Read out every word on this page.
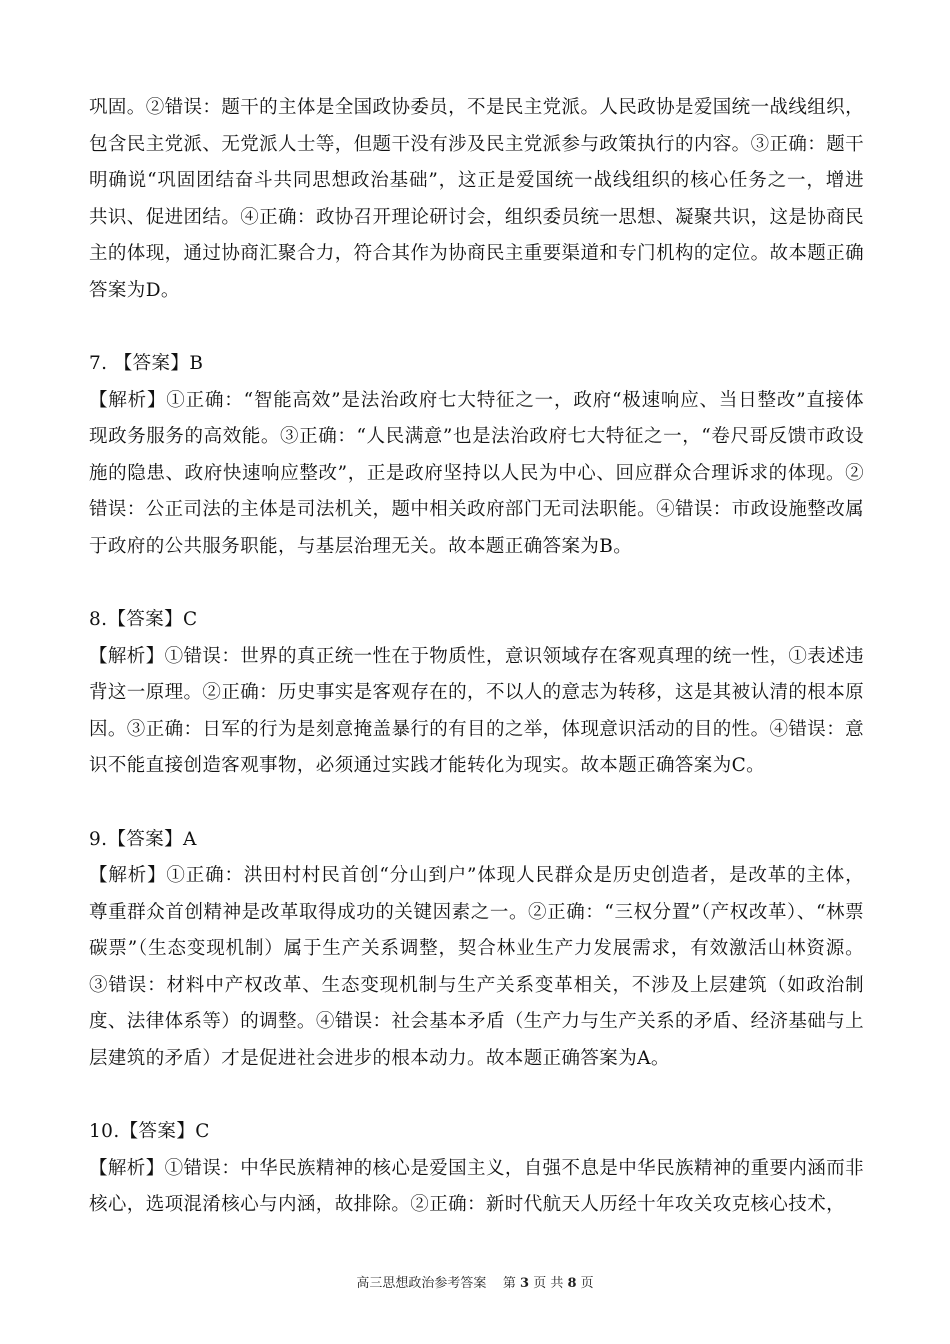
巩固。②错误：题干的主体是全国政协委员，不是民主党派。人民政协是爱国统一战线组织，包含民主党派、无党派人士等，但题干没有涉及民主党派参与政策执行的内容。③正确：题干明确说“巩固团结奋斗共同思想政治基础”，这正是爱国统一战线组织的核心任务之一，增进共识、促进团结。④正确：政协召开理论研讨会，组织委员统一思想、凝聚共识，这是协商民主的体现，通过协商汇聚合力，符合其作为协商民主重要渠道和专门机构的定位。故本题正确答案为D。

7. 【答案】B

【解析】①正确：“智能高效”是法治政府七大特征之一，政府“极速响应、当日整改”直接体现政务服务的高效能。③正确：“人民满意”也是法治政府七大特征之一，“卷尺哥反馈市政设施的隐患、政府快速响应整改”，正是政府坚持以人民为中心、回应群众合理诉求的体现。②错误：公正司法的主体是司法机关，题中相关政府部门无司法职能。④错误：市政设施整改属于政府的公共服务职能，与基层治理无关。故本题正确答案为B。

8.【答案】C

【解析】①错误：世界的真正统一性在于物质性，意识领域存在客观真理的统一性，①表述违背这一原理。②正确：历史事实是客观存在的，不以人的意志为转移，这是其被认清的根本原因。③正确：日军的行为是刻意掩盖暴行的有目的之举，体现意识活动的目的性。④错误：意识不能直接创造客观事物，必须通过实践才能转化为现实。故本题正确答案为C。

9.【答案】A

【解析】①正确：洪田村村民首创“分山到户”体现人民群众是历史创造者，是改革的主体，尊重群众首创精神是改革取得成功的关键因素之一。②正确：“三权分置”（产权改革）、“林票碳票”（生态变现机制）属于生产关系调整，契合林业生产力发展需求，有效激活山林资源。③错误：材料中产权改革、生态变现机制与生产关系变革相关，不涉及上层建筑（如政治制度、法律体系等）的调整。④错误：社会基本矛盾（生产力与生产关系的矛盾、经济基础与上层建筑的矛盾）才是促进社会进步的根本动力。故本题正确答案为A。

10.【答案】C

【解析】①错误：中华民族精神的核心是爱国主义，自强不息是中华民族精神的重要内涵而非核心，选项混淆核心与内涵，故排除。②正确：新时代航天人历经十年攻关攻克核心技术，

高三思想政治参考答案 第 3 页 共 8 页
